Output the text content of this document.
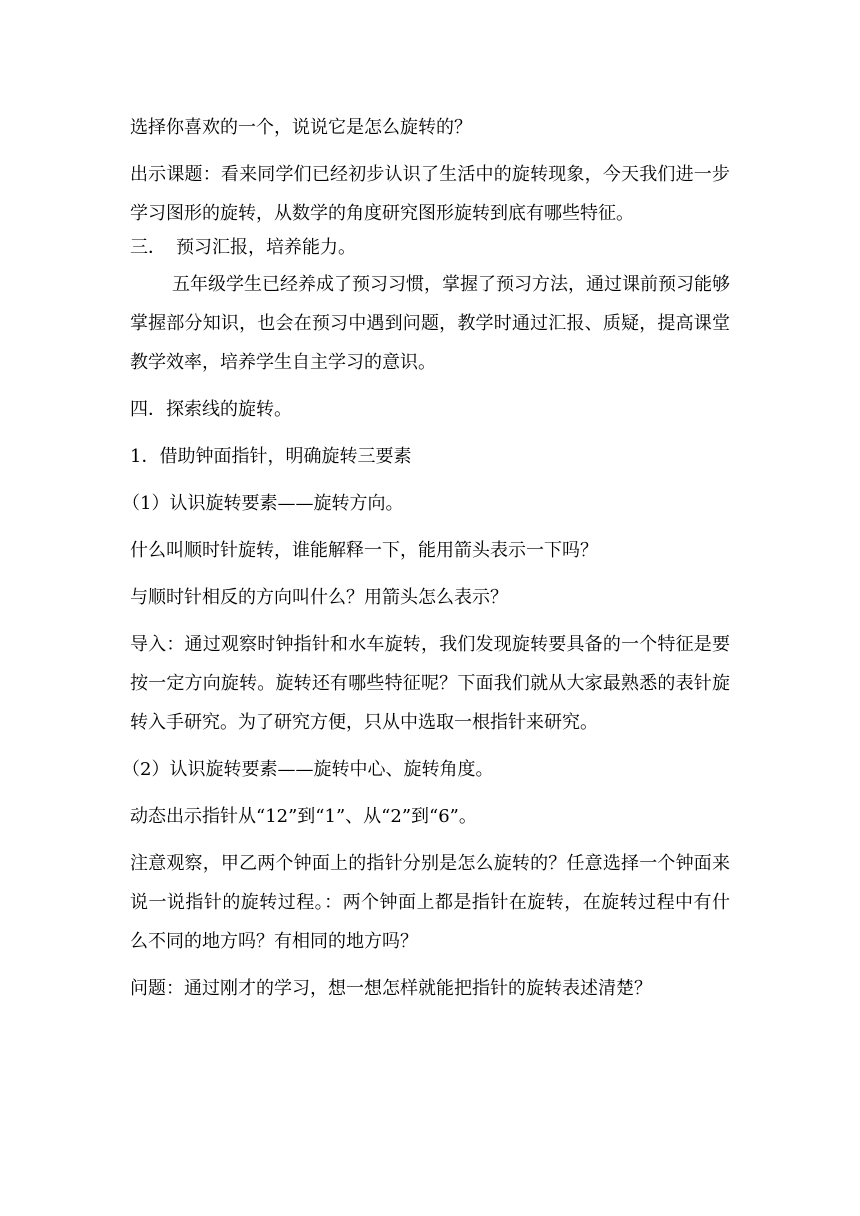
选择你喜欢的一个，说说它是怎么旋转的？

出示课题：看来同学们已经初步认识了生活中的旋转现象，今天我们进一步学习图形的旋转，从数学的角度研究图形旋转到底有哪些特征。

三． 预习汇报，培养能力。

五年级学生已经养成了预习习惯，掌握了预习方法，通过课前预习能够掌握部分知识，也会在预习中遇到问题，教学时通过汇报、质疑，提高课堂教学效率，培养学生自主学习的意识。

四．探索线的旋转。

1．借助钟面指针，明确旋转三要素

（1）认识旋转要素——旋转方向。

什么叫顺时针旋转，谁能解释一下，能用箭头表示一下吗？

与顺时针相反的方向叫什么？用箭头怎么表示？

导入：通过观察时钟指针和水车旋转，我们发现旋转要具备的一个特征是要按一定方向旋转。旋转还有哪些特征呢？下面我们就从大家最熟悉的表针旋转入手研究。为了研究方便，只从中选取一根指针来研究。

（2）认识旋转要素——旋转中心、旋转角度。

动态出示指针从“12”到“1”、从“2”到“6”。

注意观察，甲乙两个钟面上的指针分别是怎么旋转的？任意选择一个钟面来说一说指针的旋转过程。：两个钟面上都是指针在旋转，在旋转过程中有什么不同的地方吗？有相同的地方吗？

问题：通过刚才的学习，想一想怎样就能把指针的旋转表述清楚？
